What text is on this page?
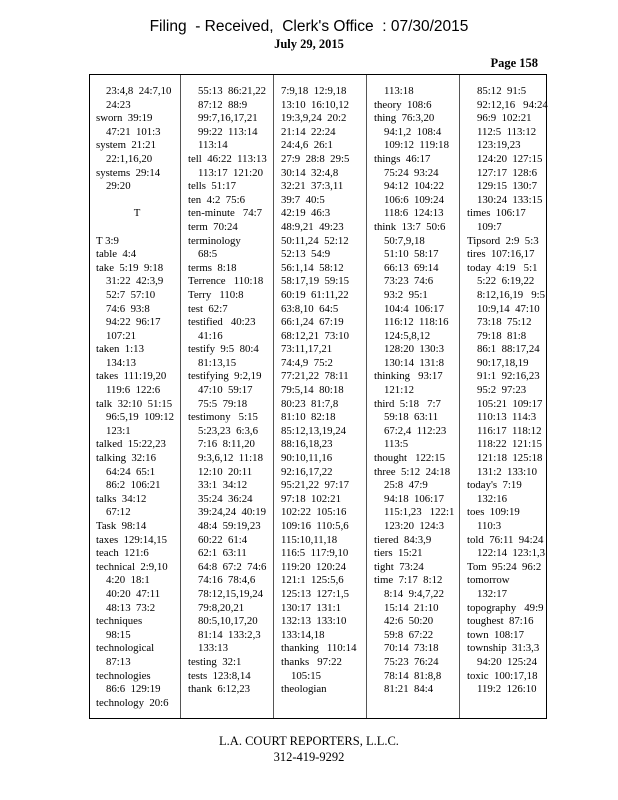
Filing  - Received,  Clerk's Office  : 07/30/2015
July 29, 2015
Page 158
23:4,8  24:7,10
24:23
sworn  39:19
47:21  101:3
system  21:21
22:1,16,20
systems  29:14
29:20
T
T 3:9
table  4:4
take  5:19  9:18
31:22  42:3,9
52:7  57:10
74:6  93:8
94:22  96:17
107:21
taken  1:13
134:13
takes  111:19,20
119:6  122:6
talk  32:10  51:15
96:5,19  109:12
123:1
talked  15:22,23
talking  32:16
64:24  65:1
86:2  106:21
talks  34:12
67:12
Task  98:14
taxes  129:14,15
teach  121:6
technical  2:9,10
4:20  18:1
40:20  47:11
48:13  73:2
techniques
98:15
technological
87:13
technologies
86:6  129:19
technology  20:6
55:13  86:21,22
87:12  88:9
99:7,16,17,21
99:22  113:14
113:14
tell  46:22  113:13
113:17  121:20
tells  51:17
ten  4:2  75:6
ten-minute   74:7
term  70:24
terminology
68:5
terms  8:18
Terrence   110:18
Terry   110:8
test  62:7
testified   40:23
41:16
testify  9:5  80:4
81:13,15
testifying  9:2,19
47:10  59:17
75:5  79:18
testimony   5:15
5:23,23  6:3,6
7:16  8:11,20
9:3,6,12  11:18
12:10  20:11
33:1  34:12
35:24  36:24
39:24,24  40:19
48:4  59:19,23
60:22  61:4
62:1  63:11
64:8  67:2  74:6
74:16  78:4,6
78:12,15,19,24
79:8,20,21
80:5,10,17,20
81:14  133:2,3
133:13
testing  32:1
tests  123:8,14
thank  6:12,23
7:9,18  12:9,18
13:10  16:10,12
19:3,9,24  20:2
21:14  22:24
24:4,6  26:1
27:9  28:8  29:5
30:14  32:4,8
32:21  37:3,11
39:7  40:5
42:19  46:3
48:9,21  49:23
50:11,24  52:12
52:13  54:9
56:1,14  58:12
58:17,19  59:15
60:19  61:11,22
63:8,10  64:5
66:1,24  67:19
68:12,21  73:10
73:11,17,21
74:4,9  75:2
77:21,22  78:11
79:5,14  80:18
80:23  81:7,8
81:10  82:18
85:12,13,19,24
88:16,18,23
90:10,11,16
92:16,17,22
95:21,22  97:17
97:18  102:21
102:22  105:16
109:16  110:5,6
115:10,11,18
116:5  117:9,10
119:20  120:24
121:1  125:5,6
125:13  127:1,5
130:17  131:1
132:13  133:10
133:14,18
thanking   110:14
thanks   97:22
105:15
theologian
113:18
theory  108:6
thing  76:3,20
94:1,2  108:4
109:12  119:18
things  46:17
75:24  93:24
94:12  104:22
106:6  109:24
118:6  124:13
think  13:7  50:6
50:7,9,18
51:10  58:17
66:13  69:14
73:23  74:6
93:2  95:1
104:4  106:17
116:12  118:16
124:5,8,12
128:20  130:3
130:14  131:8
thinking   93:17
121:12
third  5:18   7:7
59:18  63:11
67:2,4  112:23
113:5
thought   122:15
three  5:12  24:18
25:8  47:9
94:18  106:17
115:1,23   122:1
123:20  124:3
tiered  84:3,9
tiers  15:21
tight  73:24
time  7:17  8:12
8:14  9:4,7,22
15:14  21:10
42:6  50:20
59:8  67:22
70:14  73:18
75:23  76:24
78:14  81:8,8
81:21  84:4
85:12  91:5
92:12,16   94:24
96:9  102:21
112:5  113:12
123:19,23
124:20  127:15
127:17  128:6
129:15  130:7
130:24  133:15
times  106:17
109:7
Tipsord  2:9  5:3
tires  107:16,17
today  4:19   5:1
5:22  6:19,22
8:12,16,19   9:5
10:9,14  47:10
73:18  75:12
79:18  81:8
86:1  88:17,24
90:17,18,19
91:1  92:16,23
95:2  97:23
105:21  109:17
110:13  114:3
116:17  118:12
118:22  121:15
121:18  125:18
131:2  133:10
today's  7:19
132:16
toes  109:19
110:3
told  76:11  94:24
122:14  123:1,3
Tom  95:24  96:2
tomorrow
132:17
topography   49:9
toughest  87:16
town  108:17
township  31:3,3
94:20  125:24
toxic  100:17,18
119:2  126:10
L.A. COURT REPORTERS, L.L.C.
312-419-9292
